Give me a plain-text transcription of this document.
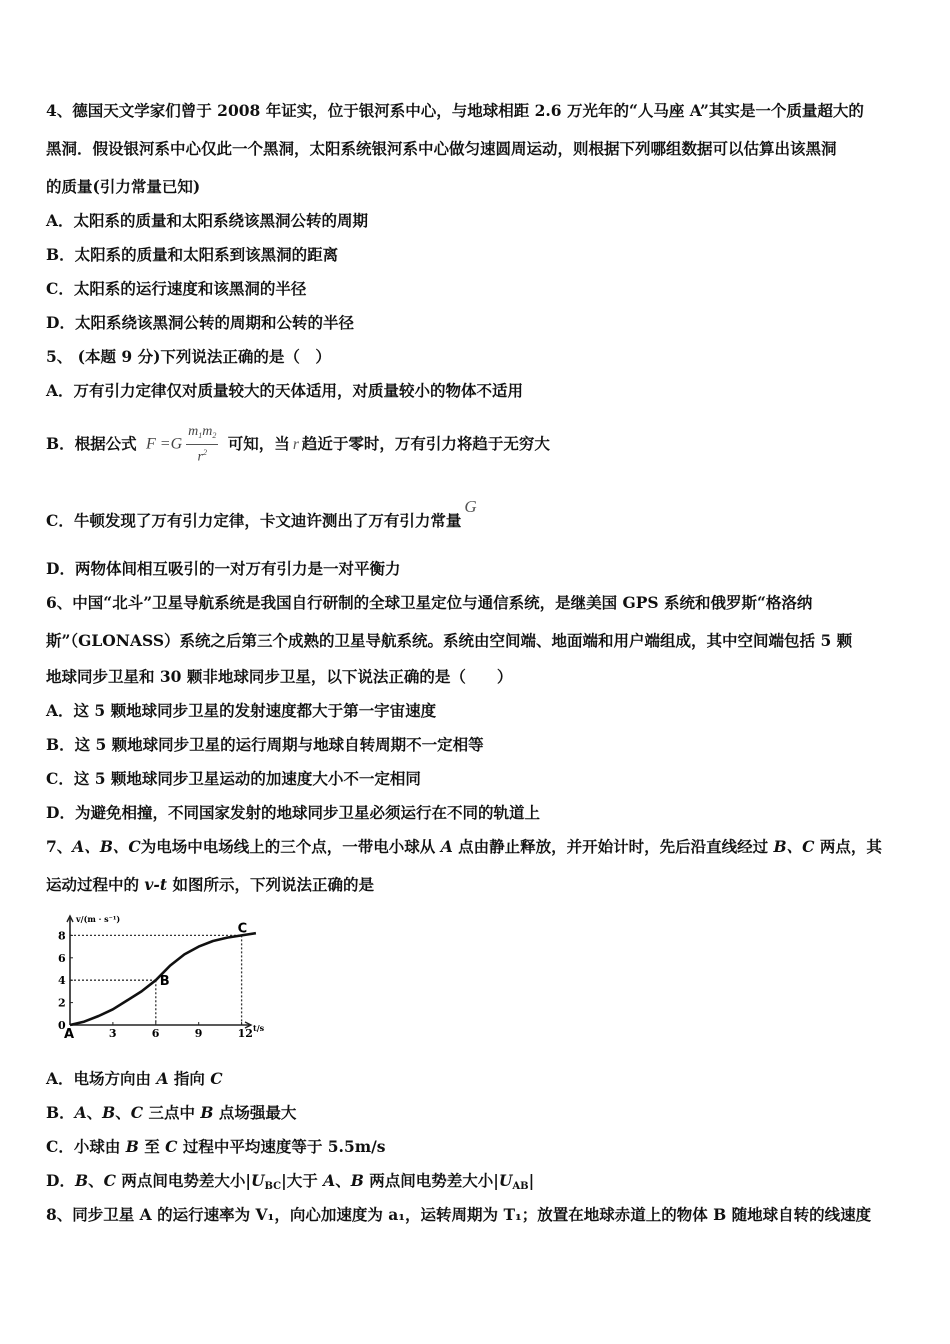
4、德国天文学家们曾于 2008 年证实，位于银河系中心，与地球相距 2.6 万光年的“人马座 A”其实是一个质量超大的
黑洞．假设银河系中心仅此一个黑洞，太阳系统银河系中心做匀速圆周运动，则根据下列哪组数据可以估算出该黑洞
的质量(引力常量已知)
A．太阳系的质量和太阳系绕该黑洞公转的周期
B．太阳系的质量和太阳系到该黑洞的距离
C．太阳系的运行速度和该黑洞的半径
D．太阳系绕该黑洞公转的周期和公转的半径
5、 (本题 9 分)下列说法正确的是（　）
A．万有引力定律仅对质量较大的天体适用，对质量较小的物体不适用
B．根据公式 $F =G \frac{m_1m_2}{r^2}$ 可知，当 r 趋近于零时，万有引力将趋于无穷大
C．牛顿发现了万有引力定律，卡文迪许测出了万有引力常量G
D．两物体间相互吸引的一对万有引力是一对平衡力
6、中国“北斗”卫星导航系统是我国自行研制的全球卫星定位与通信系统，是继美国 GPS 系统和俄罗斯“格洛纳
斯”（GLONASS）系统之后第三个成熟的卫星导航系统。系统由空间端、地面端和用户端组成，其中空间端包括 5 颗
地球同步卫星和 30 颗非地球同步卫星，以下说法正确的是（　　）
A．这 5 颗地球同步卫星的发射速度都大于第一宇宙速度
B．这 5 颗地球同步卫星的运行周期与地球自转周期不一定相等
C．这 5 颗地球同步卫星运动的加速度大小不一定相同
D．为避免相撞，不同国家发射的地球同步卫星必须运行在不同的轨道上
7、A、B、C为电场中电场线上的三个点，一带电小球从 A 点由静止释放，并开始计时，先后沿直线经过 B、C 两点，其
运动过程中的 v-t 如图所示，下列说法正确的是
v/(m · s⁻¹)
t/s
8
6
4
2
3	6	9	12
0
A
B
C
A．电场方向由 A 指向 C
B．A、B、C 三点中 B 点场强最大
C．小球由 B 至 C 过程中平均速度等于 5.5m/s
D．B、C 两点间电势差大小$|U_{BC}|$大于 A、B 两点间电势差大小$|U_{AB}|$
8、同步卫星 A 的运行速率为 V₁，向心加速度为 a₁，运转周期为 T₁；放置在地球赤道上的物体 B 随地球自转的线速度
